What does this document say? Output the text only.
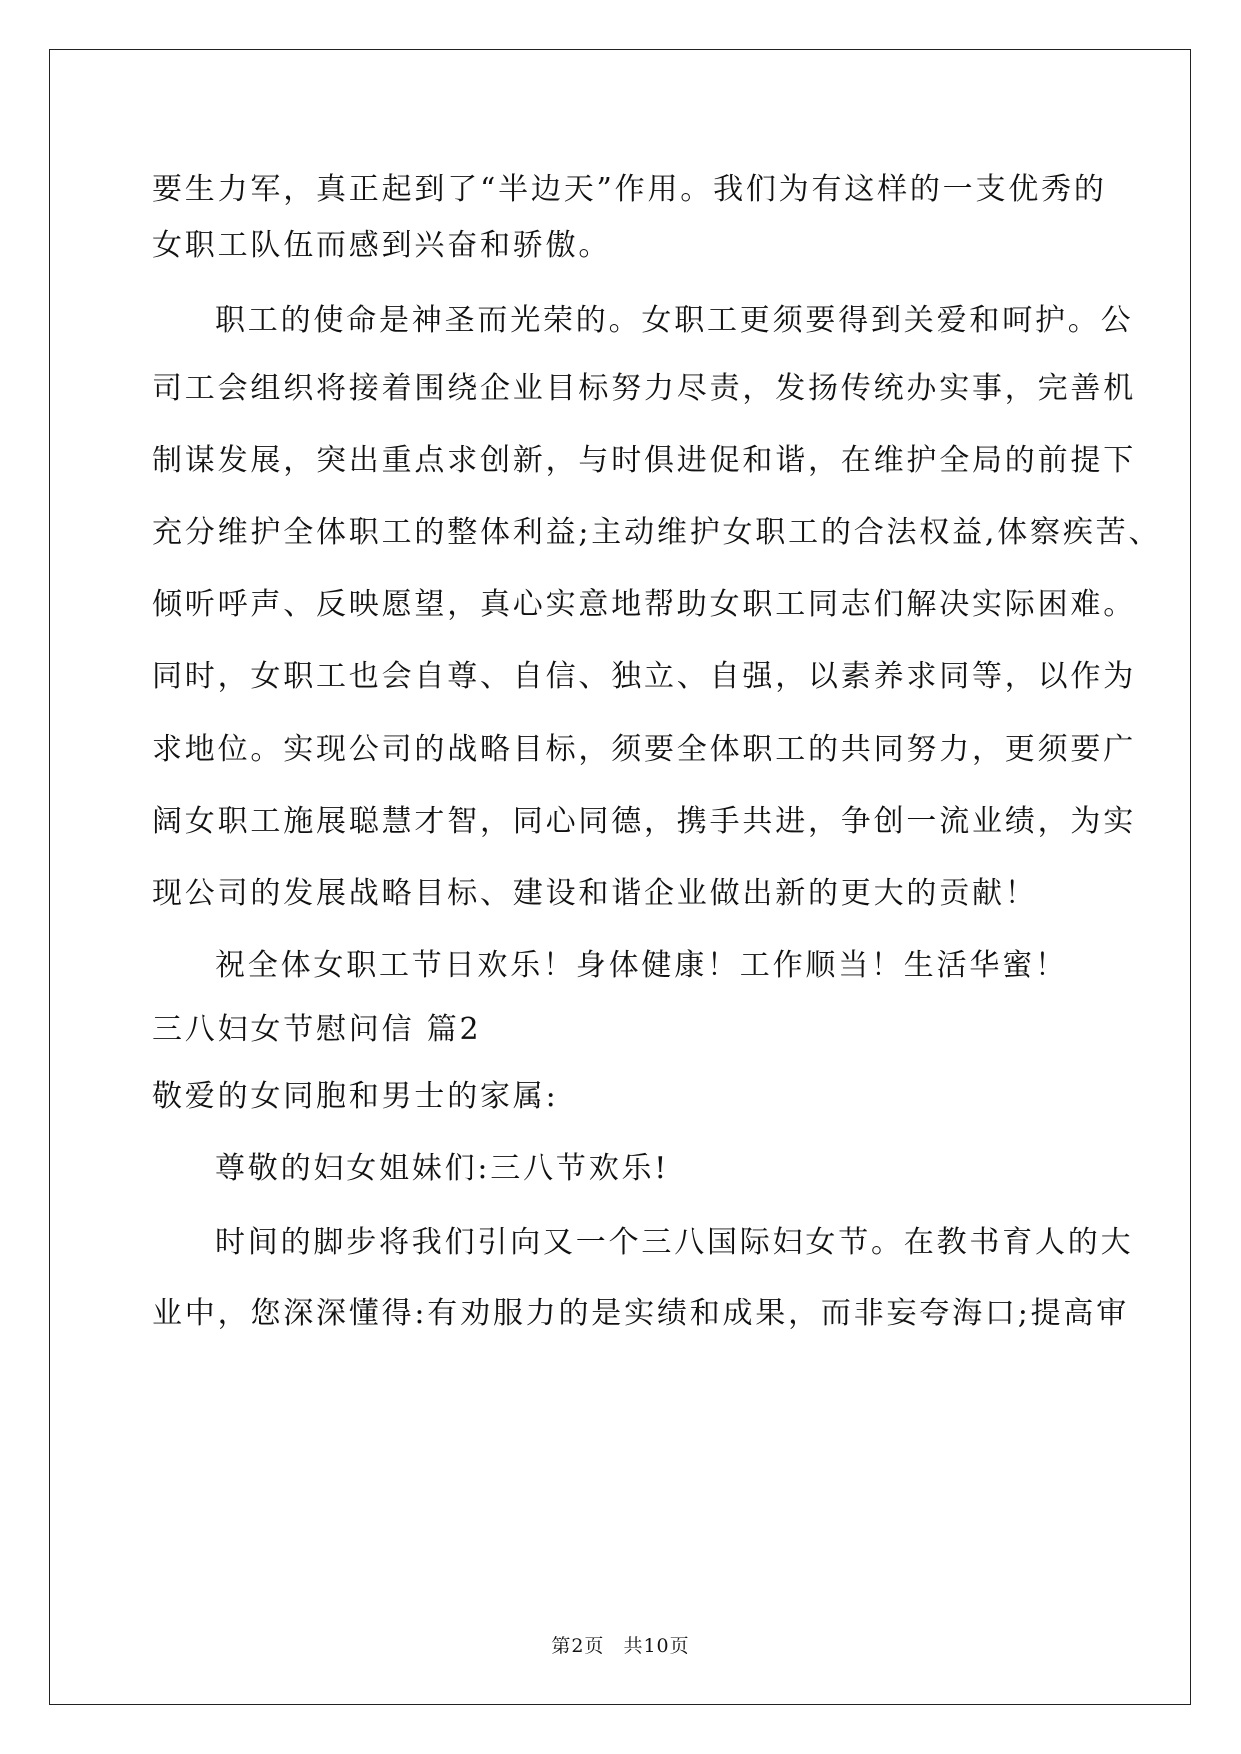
要生力军，真正起到了“半边天”作用。我们为有这样的一支优秀的
女职工队伍而感到兴奋和骄傲。
职工的使命是神圣而光荣的。女职工更须要得到关爱和呵护。公
司工会组织将接着围绕企业目标努力尽责，发扬传统办实事，完善机
制谋发展，突出重点求创新，与时俱进促和谐，在维护全局的前提下
充分维护全体职工的整体利益;主动维护女职工的合法权益,体察疾苦、
倾听呼声、反映愿望，真心实意地帮助女职工同志们解决实际困难。
同时，女职工也会自尊、自信、独立、自强，以素养求同等，以作为
求地位。实现公司的战略目标，须要全体职工的共同努力，更须要广
阔女职工施展聪慧才智，同心同德，携手共进，争创一流业绩，为实
现公司的发展战略目标、建设和谐企业做出新的更大的贡献！
祝全体女职工节日欢乐！身体健康！工作顺当！生活华蜜！
三八妇女节慰问信 篇2
敬爱的女同胞和男士的家属:
尊敬的妇女姐妹们:三八节欢乐!
时间的脚步将我们引向又一个三八国际妇女节。在教书育人的大
业中，您深深懂得:有劝服力的是实绩和成果，而非妄夸海口;提高审
第2页 共10页
